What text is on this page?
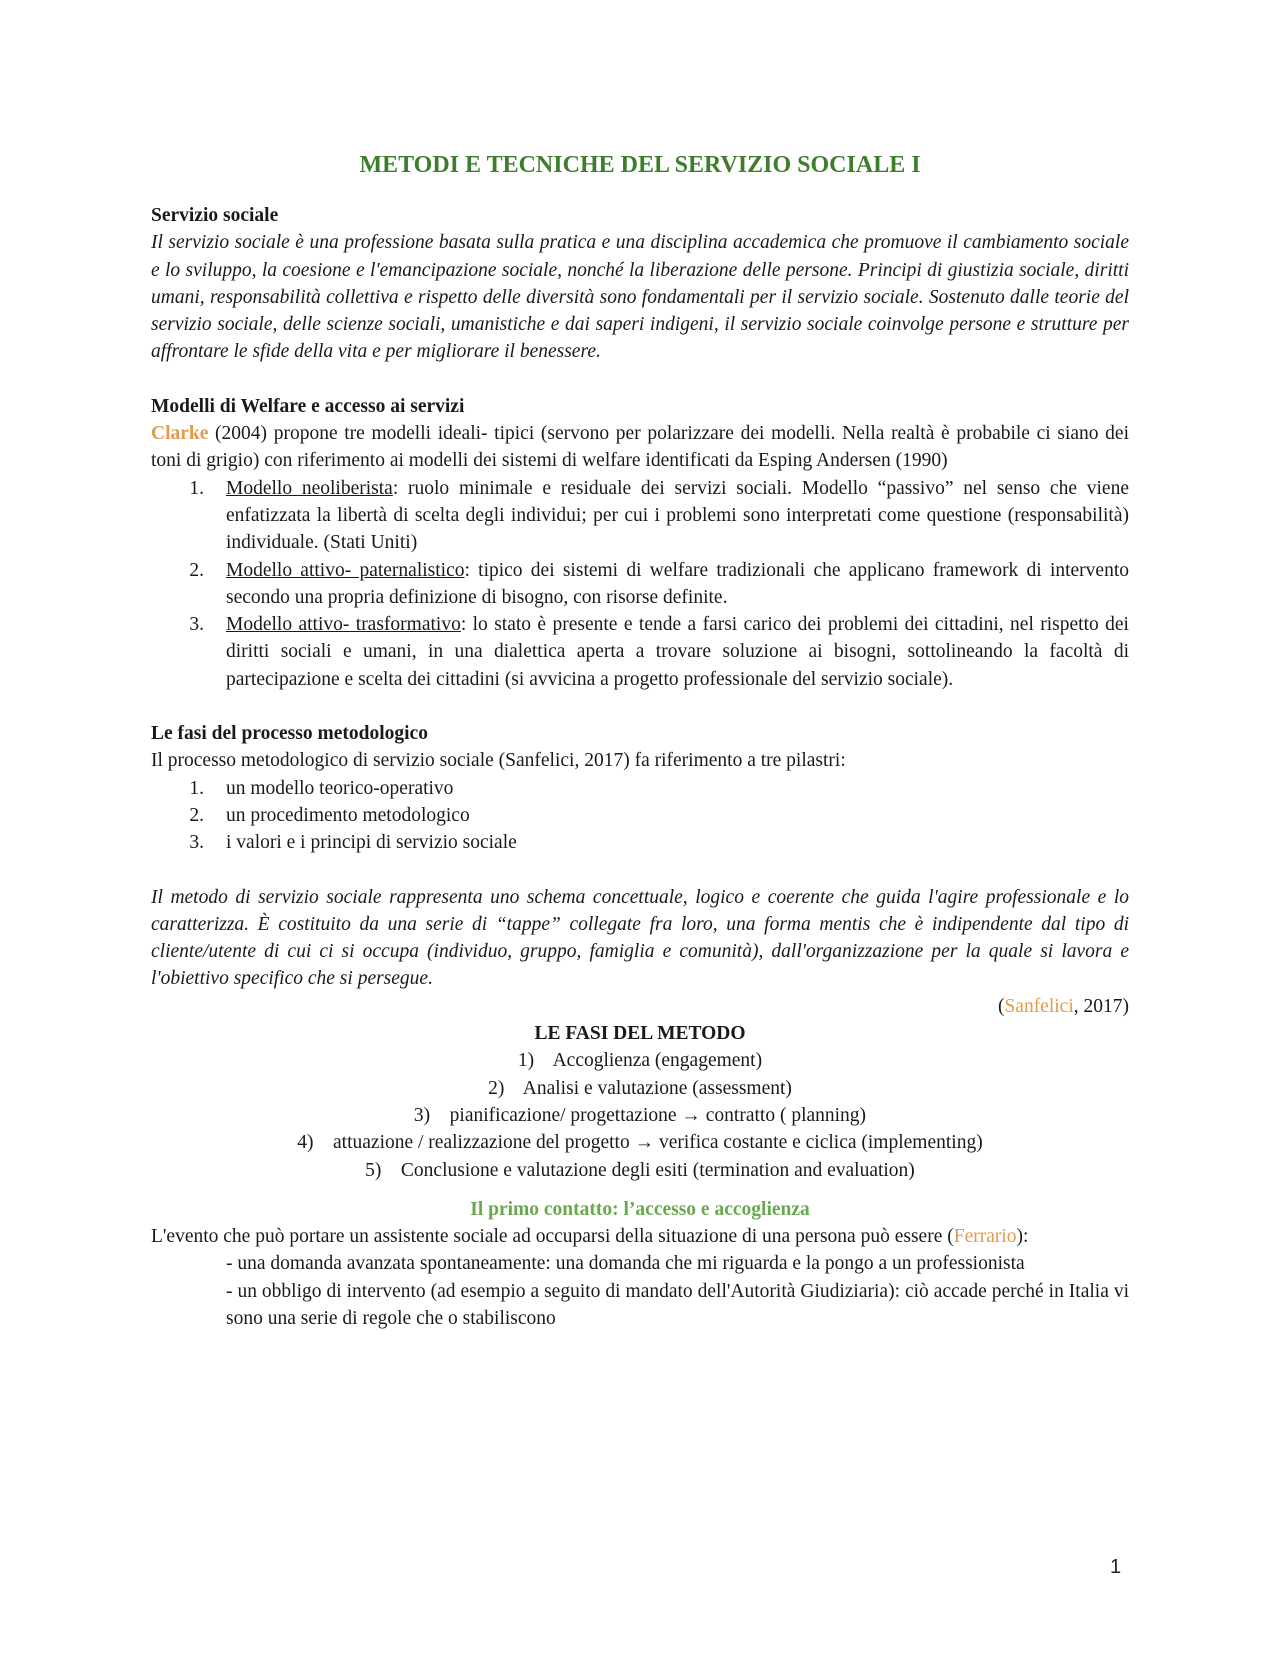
METODI E TECNICHE DEL SERVIZIO SOCIALE I

Servizio sociale

Il servizio sociale è una professione basata sulla pratica e una disciplina accademica che promuove il cambiamento sociale e lo sviluppo, la coesione e l'emancipazione sociale, nonché la liberazione delle persone. Principi di giustizia sociale, diritti umani, responsabilità collettiva e rispetto delle diversità sono fondamentali per il servizio sociale. Sostenuto dalle teorie del servizio sociale, delle scienze sociali, umanistiche e dai saperi indigeni, il servizio sociale coinvolge persone e strutture per affrontare le sfide della vita e per migliorare il benessere.

Modelli di Welfare e accesso ai servizi

Clarke (2004) propone tre modelli ideali- tipici (servono per polarizzare dei modelli. Nella realtà è probabile ci siano dei toni di grigio) con riferimento ai modelli dei sistemi di welfare identificati da Esping Andersen (1990)

1.	Modello neoliberista: ruolo minimale e residuale dei servizi sociali. Modello “passivo” nel senso che viene enfatizzata la libertà di scelta degli individui; per cui i problemi sono interpretati come questione (responsabilità) individuale. (Stati Uniti)
2.	Modello attivo- paternalistico: tipico dei sistemi di welfare tradizionali che applicano framework di intervento secondo una propria definizione di bisogno, con risorse definite.
3.	Modello attivo- trasformativo: lo stato è presente e tende a farsi carico dei problemi dei cittadini, nel rispetto dei diritti sociali e umani, in una dialettica aperta a trovare soluzione ai bisogni, sottolineando la facoltà di partecipazione e scelta dei cittadini (si avvicina a progetto professionale del servizio sociale).

Le fasi del processo metodologico

Il processo metodologico di servizio sociale (Sanfelici, 2017) fa riferimento a tre pilastri:

1.	un modello teorico-operativo
2.	un procedimento metodologico
3.	i valori e i principi di servizio sociale

Il metodo di servizio sociale rappresenta uno schema concettuale, logico e coerente che guida l'agire professionale e lo caratterizza. È costituito da una serie di “tappe” collegate fra loro, una forma mentis che è indipendente dal tipo di cliente/utente di cui ci si occupa (individuo, gruppo, famiglia e comunità), dall'organizzazione per la quale si lavora e l'obiettivo specifico che si persegue.

(Sanfelici, 2017)

LE FASI DEL METODO

1) Accoglienza (engagement)

2) Analisi e valutazione (assessment)

3) pianificazione/ progettazione → contratto ( planning)

4) attuazione / realizzazione del progetto → verifica costante e ciclica (implementing)

5) Conclusione e valutazione degli esiti (termination and evaluation)

Il primo contatto: l’accesso e accoglienza

L'evento che può portare un assistente sociale ad occuparsi della situazione di una persona può essere (Ferrario):

- una domanda avanzata spontaneamente: una domanda che mi riguarda e la pongo a un professionista

- un obbligo di intervento (ad esempio a seguito di mandato dell'Autorità Giudiziaria): ciò accade perché in Italia vi sono una serie di regole che o stabiliscono

1
